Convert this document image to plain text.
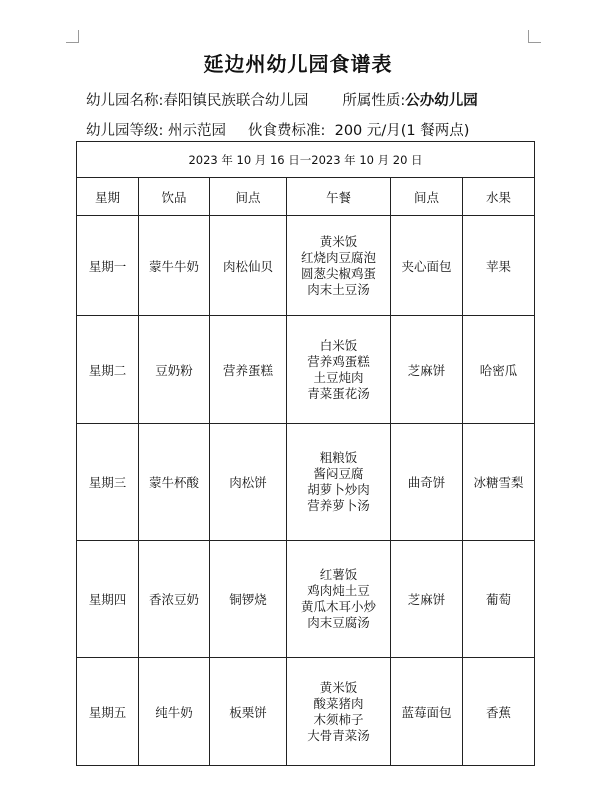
延边州幼儿园食谱表
幼儿园名称:春阳镇民族联合幼儿园 所属性质:公办幼儿园
幼儿园等级: 州示范园 伙食费标准: 200 元/月(1 餐两点)
2023 年 10 月 16 日一2023 年 10 月 20 日					
星期	饮品	间点	午餐	间点	水果
星期一	蒙牛牛奶	肉松仙贝	黄米饭
红烧肉豆腐泡
圆葱尖椒鸡蛋
肉末土豆汤	夹心面包	苹果
星期二	豆奶粉	营养蛋糕	白米饭
营养鸡蛋糕
土豆炖肉
青菜蛋花汤	芝麻饼	哈密瓜
星期三	蒙牛杯酸	肉松饼	粗粮饭
酱闷豆腐
胡萝卜炒肉
营养萝卜汤	曲奇饼	冰糖雪梨
星期四	香浓豆奶	铜锣烧	红薯饭
鸡肉炖土豆
黄瓜木耳小炒
肉末豆腐汤	芝麻饼	葡萄
星期五	纯牛奶	板栗饼	黄米饭
酸菜猪肉
木须柿子
大骨青菜汤	蓝莓面包	香蕉
